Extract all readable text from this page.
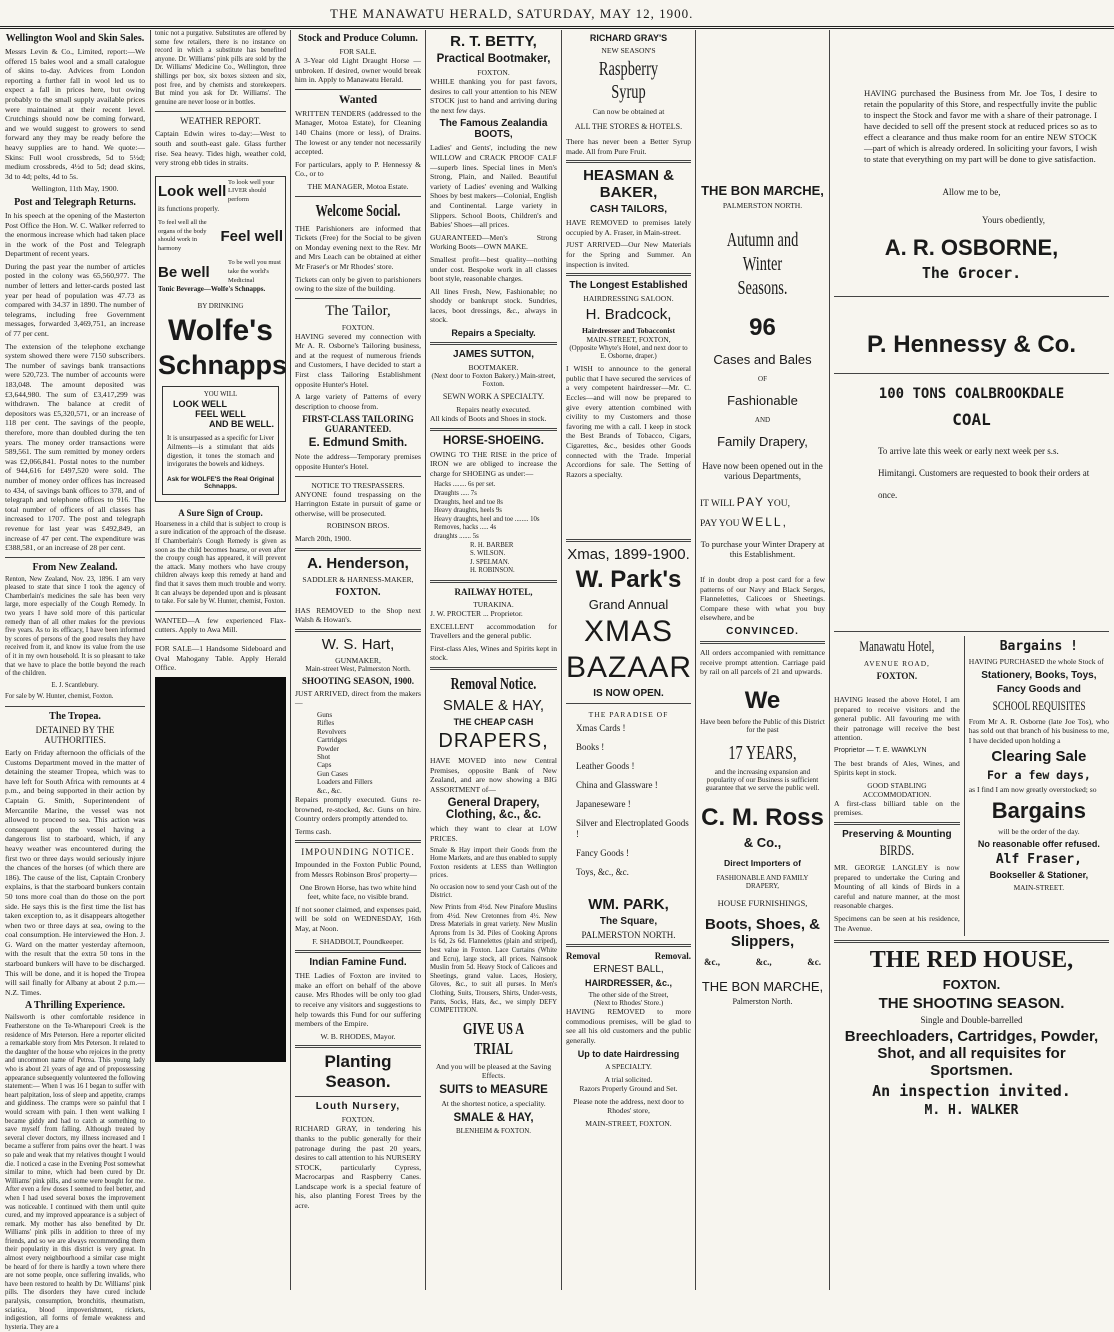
THE MANAWATU HERALD, SATURDAY, MAY 12, 1900.
Wellington Wool and Skin Sales.

Messrs Levin & Co., Limited, report:—We offered 15 bales wool and a small catalogue of skins to-day. Advices from London reporting a further fall in wool led us to expect a fall in prices here, but owing probably to the small supply available prices were maintained at their recent level. Crutchings should now be coming forward, and we would suggest to growers to send forward any they may be ready before the heavy supplies are to hand. We quote:—Skins: Full wool crossbreds, 5d to 5½d; medium crossbreds, 4½d to 5d; dead skins, 3d to 4d; pelts, 4d to 5s.

Wellington, 11th May, 1900.

Post and Telegraph Returns.

In his speech at the opening of the Masterton Post Office the Hon. W. C. Walker referred to the enormous increase which had taken place in the work of the Post and Telegraph Department of recent years.

During the past year the number of articles posted in the colony was 65,560,977. The number of letters and letter-cards posted last year per head of population was 47.73 as compared with 34.37 in 1890. The number of telegrams, including free Government messages, forwarded 3,469,751, an increase of 77 per cent.

The extension of the telephone exchange system showed there were 7150 subscribers. The number of savings bank transactions were 520,723. The number of accounts were 183,048. The amount deposited was £3,644,980. The sum of £3,417,299 was withdrawn. The balance at credit of depositors was £5,320,571, or an increase of 118 per cent. The savings of the people, therefore, more than doubled during the ten years. The money order transactions were 589,561. The sum remitted by money orders was £2,066,841. Postal notes to the number of 944,616 for £497,520 were sold. The number of money order offices has increased to 434, of savings bank offices to 378, and of telegraph and telephone offices to 916. The total number of officers of all classes has increased to 1707. The post and telegraph revenue for last year was £492,849, an increase of 47 per cent. The expenditure was £388,581, or an increase of 28 per cent.

From New Zealand.

Renton, New Zealand, Nov. 23, 1896. I am very pleased to state that since I took the agency of Chamberlain's medicines the sale has been very large, more especially of the Cough Remedy. In two years I have sold more of this particular remedy than of all other makes for the previous five years. As to its efficacy, I have been informed by scores of persons of the good results they have received from it, and know its value from the use of it in my own household. It is so pleasant to take that we have to place the bottle beyond the reach of the children.

E. J. Scantlebury.

For sale by W. Hunter, chemist, Foxton.

The Tropea.
DETAINED BY THE AUTHORITIES.

Early on Friday afternoon the officials of the Customs Department moved in the matter of detaining the steamer Tropea, which was to have left for South Africa with remounts at 4 p.m., and being supported in their action by Captain G. Smith, Superintendent of Mercantile Marine, the vessel was not allowed to proceed to sea. This action was consequent upon the vessel having a dangerous list to starboard, which, if any heavy weather was encountered during the first two or three days would seriously injure the chances of the horses (of which there are 186). The cause of the list, Captain Cronbery explains, is that the starboard bunkers contain 50 tons more coal than do those on the port side. He says this is the first time the list has taken exception to, as it disappears altogether when two or three days at sea, owing to the coal consumption. He interviewed the Hon. J. G. Ward on the matter yesterday afternoon, with the result that the extra 50 tons in the starboard bunkers will have to be discharged. This will be done, and it is hoped the Tropea will sail finally for Albany at about 2 p.m.—N.Z. Times.

A Thrilling Experience.

Nailsworth is other comfortable residence in Featherstone on the Te-Wharepouri Creek is the residence of Mrs Peterson. Here a reporter elicited a remarkable story from Mrs Peterson. It related to the daughter of the house who rejoices in the pretty and uncommon name of Petrea. This young lady who is about 21 years of age and of prepossessing appearance subsequently volunteered the following statement:— When I was 16 I began to suffer with heart palpitation, loss of sleep and appetite, cramps and giddiness. The cramps were so painful that I would scream with pain. I then went walking I became giddy and had to catch at something to save myself from falling. Although treated by several clever doctors, my illness increased and I became a sufferer from pains over the heart. I was so pale and weak that my relatives thought I would die. I noticed a case in the Evening Post somewhat similar to mine, which had been cured by Dr. Williams' pink pills, and some were bought for me. After even a few doses I seemed to feel better, and when I had used several boxes the improvement was noticeable. I continued with them until quite cured, and my improved appearance is a subject of remark. My mother has also benefited by Dr. Williams' pink pills in addition to three of my friends, and so we are always recommending them their popularity in this district is very great. In almost every neighbourhood a similar case might be heard of for there is hardly a town where there are not some people, once suffering invalids, who have been restored to health by Dr. Williams' pink pills. The disorders they have cured include paralysis, consumption, bronchitis, rheumatism, sciatica, blood impoverishment, rickets, indigestion, all forms of female weakness and hysteria. They are a

tonic not a purgative. Substitutes are offered by some few retailers, there is no instance on record in which a substitute has benefited anyone. Dr. Williams' pink pills are sold by the Dr. Williams' Medicine Co., Wellington, three shillings per box, six boxes sixteen and six, post free, and by chemists and storekeepers. But mind you ask for Dr. Williams'. The genuine are never loose or in bottles.

WEATHER REPORT.

Captain Edwin wires to-day:—West to south and south-east gale. Glass further rise. Sea heavy. Tides high, weather cold, very strong ebb tides in straits.

Look well
To look well your LIVER should perform
its functions properly.
To feel well all the organs of the body should work in harmony
Feel well
Be well
To be well you must take the world's Medicinal
Tonic Beverage—Wolfe's Schnapps.
BY DRINKING
Wolfe's
Schnapps
YOU WILL
LOOK WELL
FEEL WELL
AND BE WELL.

It is unsurpassed as a specific for Liver Ailments—is a stimulant that aids digestion, it tones the stomach and invigorates the bowels and kidneys.

Ask for WOLFE'S the Real Original Schnapps.
A Sure Sign of Croup.

Hoarseness in a child that is subject to croup is a sure indication of the approach of the disease. If Chamberlain's Cough Remedy is given as soon as the child becomes hoarse, or even after the croupy cough has appeared, it will prevent the attack. Many mothers who have croupy children always keep this remedy at hand and find that it saves them much trouble and worry. It can always be depended upon and is pleasant to take. For sale by W. Hunter, chemist, Foxton.

WANTED—A few experienced Flax-cutters. Apply to Awa Mill.

FOR SALE—1 Handsome Sideboard and Oval Mahogany Table. Apply Herald Office.

Stock and Produce Column.
FOR SALE.

A 3-Year old Light Draught Horse —unbroken. If desired, owner would break him in. Apply to Manawatu Herald.

Wanted

WRITTEN TENDERS (addressed to the Manager, Motoa Estate), for Cleaning 140 Chains (more or less), of Drains. The lowest or any tender not necessarily accepted.

For particulars, apply to P. Hennessy & Co., or to

THE MANAGER, Motoa Estate.

Welcome Social.

THE Parishioners are informed that Tickets (Free) for the Social to be given on Monday evening next to the Rev. Mr and Mrs Leach can be obtained at either Mr Fraser's or Mr Rhodes' store.

Tickets can only be given to parishioners owing to the size of the building.

The Tailor,
FOXTON.

HAVING severed my connection with Mr A. R. Osborne's Tailoring business, and at the request of numerous friends and Customers, I have decided to start a First class Tailoring Establishment opposite Hunter's Hotel.

A large variety of Patterns of every description to choose from.

FIRST-CLASS TAILORING GUARANTEED.
E. Edmund Smith.

Note the address—Temporary premises opposite Hunter's Hotel.

NOTICE TO TRESPASSERS.

ANYONE found trespassing on the Harrington Estate in pursuit of game or otherwise, will be prosecuted.

ROBINSON BROS.

March 20th, 1900.

A. Henderson,
SADDLER & HARNESS-MAKER,
FOXTON.

HAS REMOVED to the Shop next Walsh & Howan's.

W. S. Hart,
GUNMAKER,
Main-street West, Palmerston North.
SHOOTING SEASON, 1900.

JUST ARRIVED, direct from the makers—

Guns
Rifles
Revolvers
Cartridges
Powder
Shot
Caps
Gun Cases
Loaders and Fillers
&c., &c.

Repairs promptly executed. Guns re-browned, re-stocked, &c. Guns on hire. Country orders promptly attended to.

Terms cash.

IMPOUNDING NOTICE.

Impounded in the Foxton Public Pound, from Messrs Robinson Bros' property—

One Brown Horse, has two white hind feet, white face, no visible brand.

If not sooner claimed, and expenses paid, will be sold on WEDNESDAY, 16th May, at Noon.

F. SHADBOLT, Poundkeeper.

Indian Famine Fund.

THE Ladies of Foxton are invited to make an effort on behalf of the above cause. Mrs Rhodes will be only too glad to receive any visitors and suggestions to help towards this Fund for our suffering members of the Empire.

W. B. RHODES, Mayor.

Planting Season.
Louth Nursery,
FOXTON.

RICHARD GRAY, in tendering his thanks to the public generally for their patronage during the past 20 years, desires to call attention to his NURSERY STOCK, particularly Cypress, Macrocarpas and Raspberry Canes. Landscape work is a special feature of his, also planting Forest Trees by the acre.

R. T. BETTY,
Practical Bootmaker,
FOXTON.

WHILE thanking you for past favors, desires to call your attention to his NEW STOCK just to hand and arriving during the next few days.

The Famous Zealandia BOOTS,

Ladies' and Gents', including the new WILLOW and CRACK PROOF CALF—superb lines. Special lines in Men's Strong, Plain, and Nailed. Beautiful variety of Ladies' evening and Walking Shoes by best makers—Colonial, English and Continental. Large variety in Slippers. School Boots, Children's and Babies' Shoes—all prices.

GUARANTEED—Men's Strong Working Boots—OWN MAKE.

Smallest profit—best quality—nothing under cost. Bespoke work in all classes boot style, reasonable charges.

All lines Fresh, New, Fashionable; no shoddy or bankrupt stock. Sundries, laces, boot dressings, &c., always in stock.

Repairs a Specialty.
JAMES SUTTON,
BOOTMAKER.
(Next door to Foxton Bakery.) Main-street, Foxton.
SEWN WORK A SPECIALTY.
Repairs neatly executed.

All kinds of Boots and Shoes in stock.

HORSE-SHOEING.

OWING TO THE RISE in the price of IRON we are obliged to increase the charge for SHOEING as under:—

Hacks ........ 6s per set.
Draughts ..... 7s
Draughts, heel and toe 8s
Heavy draughts, heels 9s
Heavy draughts, heel and toe ........ 10s
Removes, hacks ..... 4s
draughts ....... 5s
R. H. BARBER
S. WILSON.
J. SPELMAN.
H. ROBINSON.
RAILWAY HOTEL,
TURAKINA.

J. W. PROCTER ... Proprietor.

EXCELLENT accommodation for Travellers and the general public.

First-class Ales, Wines and Spirits kept in stock.

Removal Notice.
SMALE & HAY,
THE CHEAP CASH
DRAPERS,

HAVE MOVED into new Central Premises, opposite Bank of New Zealand, and are now showing a BIG ASSORTMENT of—

General Drapery, Clothing, &c., &c.

which they want to clear at LOW PRICES.

Smale & Hay import their Goods from the Home Markets, and are thus enabled to supply Foxton residents at LESS than Wellington prices.

No occasion now to send your Cash out of the District.

New Prints from 4½d. New Pinafore Muslins from 4½d. New Cretonnes from 4½. New Dress Materials in great variety. New Muslin Aprons from 1s 3d. Piles of Cooking Aprons 1s 6d, 2s 6d. Flannelettes (plain and striped), best value in Foxton. Lace Curtains (White and Ecru), large stock, all prices. Nainsook Muslin from 5d. Heavy Stock of Calicoes and Sheetings, grand value. Laces, Hosiery, Gloves, &c., to suit all purses. In Men's Clothing, Suits, Trousers, Shirts, Under-vests, Pants, Socks, Hats, &c., we simply DEFY COMPETITION.

GIVE US A TRIAL

And you will be pleased at the Saving Effects.

SUITS to MEASURE

At the shortest notice, a speciality.

SMALE & HAY,
BLENHEIM & FOXTON.
RICHARD GRAY'S
NEW SEASON'S
Raspberry Syrup
Can now be obtained at
ALL THE STORES & HOTELS.

There has never been a Better Syrup made. All from Pure Fruit.

HEASMAN & BAKER,
CASH TAILORS,

HAVE REMOVED to premises lately occupied by A. Fraser, in Main-street.

JUST ARRIVED—Our New Materials for the Spring and Summer. An inspection is invited.

The Longest Established
HAIRDRESSING SALOON.
H. Bradcock,
Hairdresser and Tobacconist
MAIN-STREET, FOXTON,
(Opposite Whyte's Hotel, and next door to E. Osborne, draper.)

I WISH to announce to the general public that I have secured the services of a very competent hairdresser—Mr. C. Eccles—and will now be prepared to give every attention combined with civility to my Customers and those favoring me with a call. I keep in stock the Best Brands of Tobacco, Cigars, Cigarettes, &c., besides other Goods connected with the Trade. Imperial Accordions for sale. The Setting of Razors a specialty.

Xmas, 1899-1900.
W. Park's
Grand Annual
XMAS
BAZAAR
IS NOW OPEN.
THE PARADISE OF
Xmas Cards !
Books !
Leather Goods !
China and Glassware !
Japaneseware !
Silver and Electroplated Goods !
Fancy Goods !
Toys, &c., &c.
WM. PARK,
The Square,
PALMERSTON NORTH.
Removal	Removal.
ERNEST BALL,
HAIRDRESSER, &c.,
The other side of the Street,
(Next to Rhodes' Store.)

HAVING REMOVED to more commodious premises, will be glad to see all his old customers and the public generally.

Up to date Hairdressing
A SPECIALTY.
A trial solicited.
Razors Properly Ground and Set.

Please note the address, next door to Rhodes' store,

MAIN-STREET, FOXTON.
THE BON MARCHE,
PALMERSTON NORTH.
Autumn and Winter Seasons.
96
Cases and Bales
OF
Fashionable
AND
Family Drapery,
Have now been opened out in the various Departments,
IT WILL PAY YOU,
PAY YOU WELL,
To purchase your Winter Drapery at this Establishment.

If in doubt drop a post card for a few patterns of our Navy and Black Serges, Flannelettes, Calicoes or Sheetings. Compare these with what you buy elsewhere, and be

CONVINCED.

All orders accompanied with remittance receive prompt attention. Carriage paid by rail on all parcels of 21 and upwards.

We
Have been before the Public of this District for the past
17 YEARS,
and the increasing expansion and popularity of our Business is sufficient guarantee that we serve the public well.
C. M. Ross
& Co.,
Direct Importers of
FASHIONABLE AND FAMILY DRAPERY,
HOUSE FURNISHINGS,
Boots, Shoes, & Slippers,
&c.,	&c.,	&c.
THE BON MARCHE,
Palmerston North.

HAVING purchased the Business from Mr. Joe Tos, I desire to retain the popularity of this Store, and respectfully invite the public to inspect the Stock and favor me with a share of their patronage. I have decided to sell off the present stock at reduced prices so as to effect a clearance and thus make room for an entire NEW STOCK—part of which is already ordered. In soliciting your favors, I wish to state that everything on my part will be done to give satisfaction.

Allow me to be,
Yours obediently,
A. R. OSBORNE,
The Grocer.
P. Hennessy & Co.
100 TONS COALBROOKDALE
COAL

To arrive late this week or early next week per s.s. Himitangi. Customers are requested to book their orders at once.

Manawatu Hotel,
AVENUE ROAD,
FOXTON.

HAVING leased the above Hotel, I am prepared to receive visitors and the general public. All favouring me with their patronage will receive the best attention.

Proprietor — T. E. WAWKLYN

The best brands of Ales, Wines, and Spirits kept in stock.

GOOD STABLING ACCOMMODATION.

A first-class billiard table on the premises.

Preserving & Mounting
BIRDS.

MR. GEORGE LANGLEY is now prepared to undertake the Curing and Mounting of all kinds of Birds in a careful and nature manner, at the most reasonable charges.

Specimens can be seen at his residence, The Avenue.

Bargains !

HAVING PURCHASED the whole Stock of

Stationery, Books, Toys,
Fancy Goods and
SCHOOL REQUISITES

From Mr A. R. Osborne (late Joe Tos), who has sold out that branch of his business to me, I have decided upon holding a

Clearing Sale
For a few days,

as I find I am now greatly overstocked; so

Bargains
will be the order of the day.
No reasonable offer refused.
Alf Fraser,
Bookseller & Stationer,
MAIN-STREET.
THE RED HOUSE,
FOXTON.
THE SHOOTING SEASON.
Single and Double-barrelled
Breechloaders, Cartridges, Powder, Shot, and all requisites for Sportsmen.
An inspection invited.
M. H. WALKER
